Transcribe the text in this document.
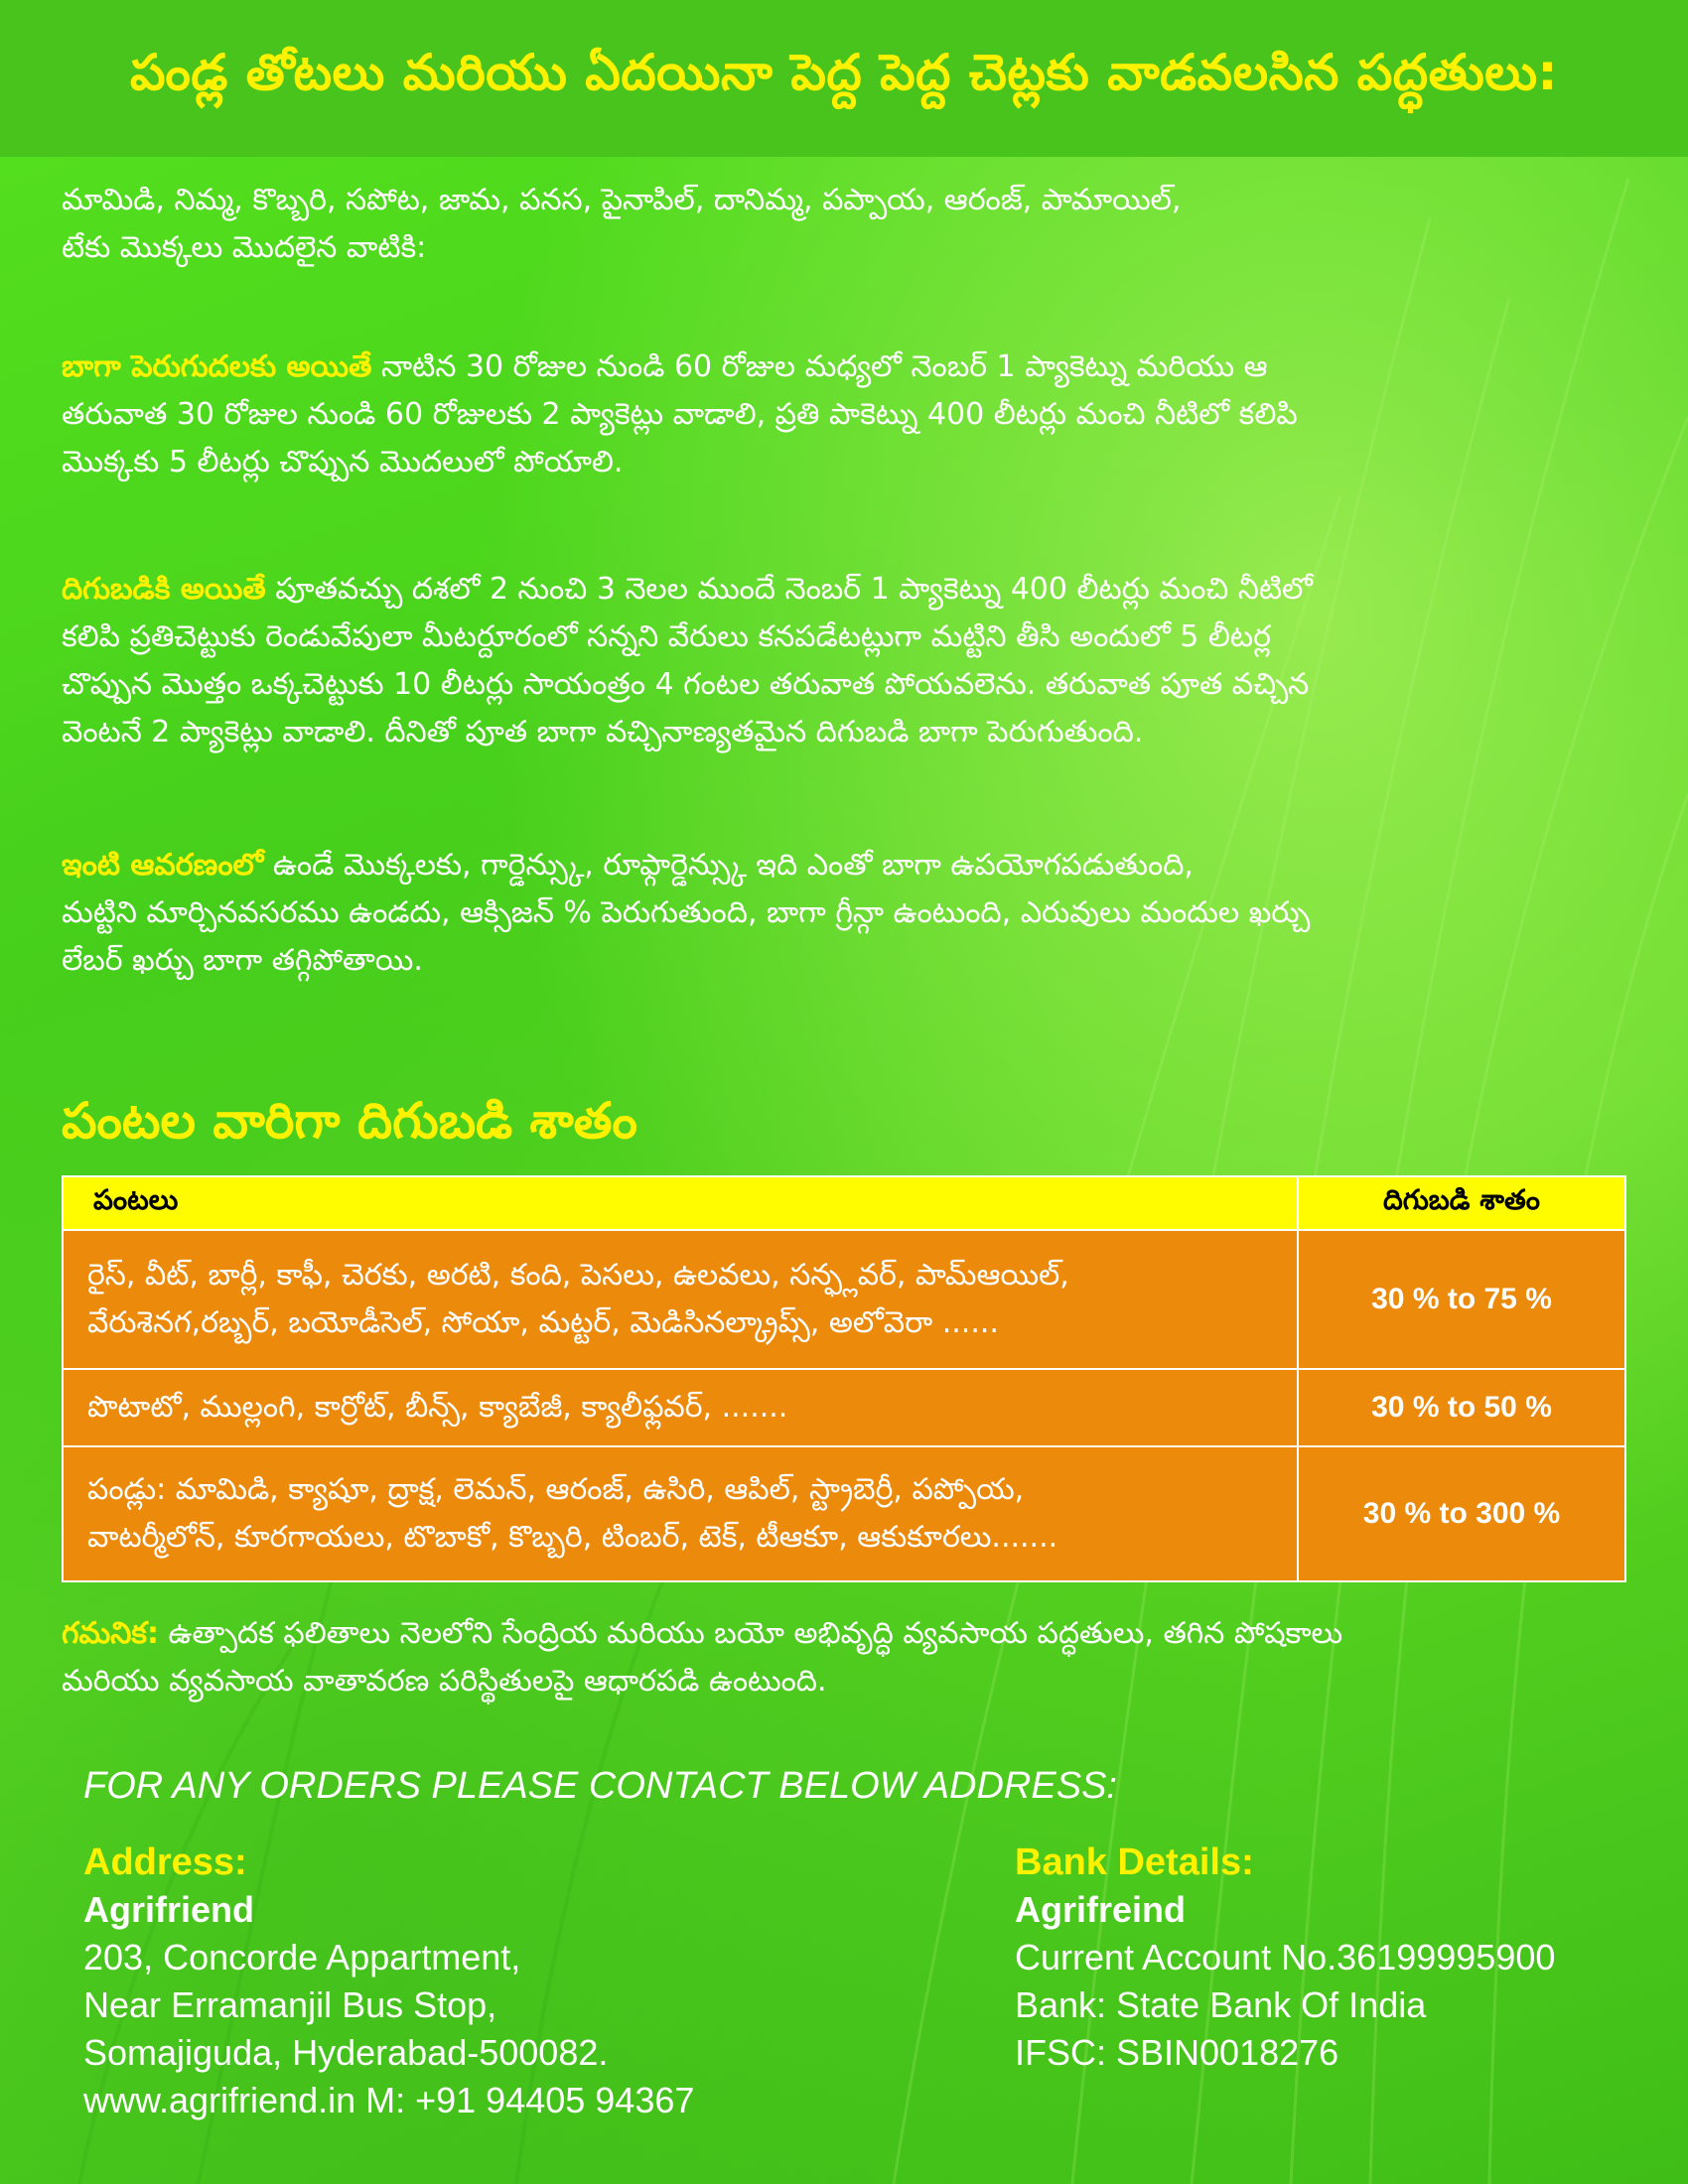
పండ్ల తోటలు మరియు ఏదయినా పెద్ద పెద్ద చెట్లకు వాడవలసిన పద్ధతులు:
మామిడి, నిమ్మ, కొబ్బరి, సపోట, జామ, పనస, పైనాపిల్, దానిమ్మ, పప్పాయ, ఆరంజ్, పామాయిల్,
టేకు మొక్కలు మొదలైన వాటికి:
బాగా పెరుగుదలకు అయితే నాటిన 30 రోజుల నుండి 60 రోజుల మధ్యలో నెంబర్ 1 ప్యాకెట్ను మరియు ఆ
తరువాత 30 రోజుల నుండి 60 రోజులకు 2 ప్యాకెట్లు వాడాలి, ప్రతి పాకెట్ను 400 లీటర్లు మంచి నీటిలో కలిపి
మొక్కకు 5 లీటర్లు చొప్పున మొదలులో పోయాలి.
దిగుబడికి అయితే పూతవచ్చు దశలో 2 నుంచి 3 నెలల ముందే నెంబర్ 1 ప్యాకెట్ను 400 లీటర్లు మంచి నీటిలో
కలిపి ప్రతిచెట్టుకు రెండువేపులా మీటర్దూరంలో సన్నని వేరులు కనపడేటట్లుగా మట్టిని తీసి అందులో 5 లీటర్ల
చొప్పున మొత్తం ఒక్కచెట్టుకు 10 లీటర్లు సాయంత్రం 4 గంటల తరువాత పోయవలెను. తరువాత పూత వచ్చిన
వెంటనే 2 ప్యాకెట్లు వాడాలి. దీనితో పూత బాగా వచ్చినాణ్యతమైన దిగుబడి బాగా పెరుగుతుంది.
ఇంటి ఆవరణంలో ఉండే మొక్కలకు, గార్డెన్స్కు, రూఫ్గార్డెన్స్కు ఇది ఎంతో బాగా ఉపయోగపడుతుంది,
మట్టిని మార్చినవసరము ఉండదు, ఆక్సిజన్ % పెరుగుతుంది, బాగా గ్రీన్గా ఉంటుంది, ఎరువులు మందుల ఖర్చు
లేబర్ ఖర్చు బాగా తగ్గిపోతాయి.
పంటల వారిగా దిగుబడి శాతం
పంటలు	దిగుబడి శాతం

రైస్, వీట్, బార్లీ, కాఫీ, చెరకు, అరటి, కంది, పెసలు, ఉలవలు, సన్ఫ్లవర్, పామ్ఆయిల్,
వేరుశెనగ,రబ్బర్, బయోడీసెల్, సోయా, మట్టర్, మెడిసినల్క్రాప్స్, అలోవెరా ......	30 % to 75 %

పొటాటో, ముల్లంగి, కార్రోట్, బీన్స్, క్యాబేజీ, క్యాలీఫ్లవర్, .......	30 % to 50 %

పండ్లు: మామిడి, క్యాషూ, ద్రాక్ష, లెమన్, ఆరంజ్, ఉసిరి, ఆపిల్, స్ట్రాబెర్రీ, పప్పోయ,
వాటర్మీలోన్, కూరగాయలు, టొబాకో, కొబ్బరి, టింబర్, టెక్, టీఆకూ, ఆకుకూరలు.......	30 % to 300 %
గమనిక: ఉత్పాదక ఫలితాలు నెలలోని సేంద్రియ మరియు బయో అభివృద్ధి వ్యవసాయ పద్ధతులు, తగిన పోషకాలు
మరియు వ్యవసాయ వాతావరణ పరిస్థితులపై ఆధారపడి ఉంటుంది.
FOR ANY ORDERS PLEASE CONTACT BELOW ADDRESS:
Address:
Agrifriend
203, Concorde Appartment,
Near Erramanjil Bus Stop,
Somajiguda, Hyderabad-500082.
www.agrifriend.in M: +91 94405 94367
Bank Details:
Agrifreind
Current Account No.36199995900
Bank: State Bank Of India
IFSC: SBIN0018276
